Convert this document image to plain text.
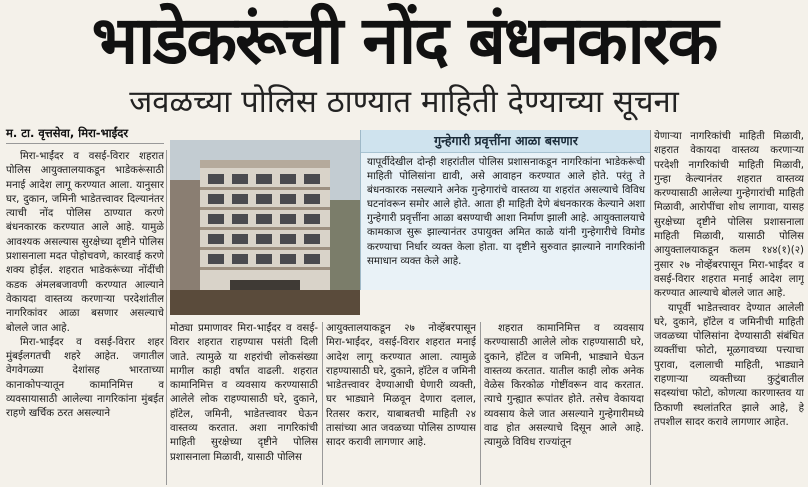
भाडेकरूंची नोंद बंधनकारक
जवळच्या पोलिस ठाण्यात माहिती देण्याच्या सूचना
म. टा. वृत्तसेवा, मिरा-भाईंदर

मिरा-भाईंदर व वसई-विरार शहरात पोलिस आयुक्तालयाकडून भाडेकरूंसाठी मनाई आदेश लागू करण्यात आला. यानुसार घर, दुकान, जमिनी भाडेतत्त्वावर दिल्यानंतर त्याची नोंद पोलिस ठाण्यात करणे बंधनकारक करण्यात आले आहे. यामुळे आवश्यक असल्यास सुरक्षेच्या दृष्टीने पोलिस प्रशासनाला मदत पोहोचवणे, कारवाई करणे शक्य होईल. शहरात भाडेकरूंच्या नोंदींची कडक अंमलबजावणी करण्यात आल्याने वेकायदा वास्तव्य करणाऱ्या परदेशांतील नागरिकांवर आळा बसणार असल्याचे बोलले जात आहे.

मिरा-भाईंदर व वसई-विरार शहर मुंबईलगतची शहरे आहेत. जगातील वेगवेगळ्या देशांसह भारताच्या कानाकोपऱ्यातून कामानिमित्त व व्यवसायासाठी आलेल्या नागरिकांना मुंबईत राहणे खर्चिक ठरत असल्याने

गुन्हेगारी प्रवृत्तींना आळा बसणार
यापूर्वीदेखील दोन्ही शहरांतील पोलिस प्रशासनाकडून नागरिकांना भाडेकरूंची माहिती पोलिसांना द्यावी, असे आवाहन करण्यात आले होते. परंतु ते बंधनकारक नसल्याने अनेक गुन्हेगारांचे वास्तव्य या शहरांत असल्याचे विविध घटनांवरून समोर आले होते. आता ही माहिती देणे बंधनकारक केल्याने अशा गुन्हेगारी प्रवृत्तींना आळा बसण्याची आशा निर्माण झाली आहे. आयुक्तालयाचे कामकाज सुरू झाल्यानंतर उपायुक्त अमित काळे यांनी गुन्हेगारीचे विमोड करण्याचा निर्धार व्यक्त केला होता. या दृष्टीने सुरुवात झाल्याने नागरिकांनी समाधान व्यक्त केले आहे.

मोठ्या प्रमाणावर मिरा-भाईंदर व वसई-विरार शहरात राहण्यास पसंती दिली जाते. त्यामुळे या शहरांची लोकसंख्या मागील काही वर्षांत वाढली. शहरात कामानिमित्त व व्यवसाय करण्यासाठी आलेले लोक राहण्यासाठी घरे, दुकाने, हॉटेल, जमिनी, भाडेतत्त्वावर घेऊन वास्तव्य करतात. अशा नागरिकांची माहिती सुरक्षेच्या दृष्टीने पोलिस प्रशासनाला मिळावी, यासाठी पोलिस

आयुक्तालयाकडून २७ नोव्हेंबरपासून मिरा-भाईंदर, वसई-विरार शहरात मनाई आदेश लागू करण्यात आला. त्यामुळे राहण्यासाठी घरे, दुकाने, हॉटेल व जमिनी भाडेतत्त्वावर देण्याआधी घेणारी व्यक्ती, घर भाड्याने मिळवून देणारा दलाल, रितसर करार, याबाबतची माहिती २४ तासांच्या आत जवळच्या पोलिस ठाण्यास सादर करावी लागणार आहे.

शहरात कामानिमित्त व व्यवसाय करण्यासाठी आलेले लोक राहण्यासाठी घरे, दुकाने, हॉटेल व जमिनी, भाड्याने घेऊन वास्तव्य करतात. यातील काही लोक अनेक वेळेस किरकोळ गोष्टींवरून वाद करतात. त्याचे गुन्ह्यात रूपांतर होते. तसेच वेकायदा व्यवसाय केले जात असल्याने गुन्हेगारीमध्ये वाढ होत असल्याचे दिसून आले आहे. त्यामुळे विविध राज्यांतून

येणाऱ्या नागरिकांची माहिती मिळावी, शहरात वेकायदा वास्तव्य करणाऱ्या परदेशी नागरिकांची माहिती मिळावी, गुन्हा केल्यानंतर शहरात वास्तव्य करण्यासाठी आलेल्या गुन्हेगारांची माहिती मिळावी, आरोपींचा शोध लागावा, यासह सुरक्षेच्या दृष्टीने पोलिस प्रशासनाला माहिती मिळावी, यासाठी पोलिस आयुक्तालयाकडून कलम १४४(१)(२) नुसार २७ नोव्हेंबरपासून मिरा-भाईंदर व वसई-विरार शहरात मनाई आदेश लागू करण्यात आल्याचे बोलले जात आहे.

यापूर्वी भाडेतत्त्वावर देण्यात आलेली घरे, दुकाने, हॉटेल व जमिनीची माहिती जवळच्या पोलिसांना देण्यासाठी संबंधित व्यक्तींचा फोटो, मूळगावच्या पत्त्याचा पुरावा, दलालाची माहिती, भाड्याने राहणाऱ्या व्यक्तीच्या कुटुंबातील सदस्यांचा फोटो, कोणत्या कारणास्तव या ठिकाणी स्थलांतरित झाले आहे, हे तपशील सादर करावे लागणार आहेत.
